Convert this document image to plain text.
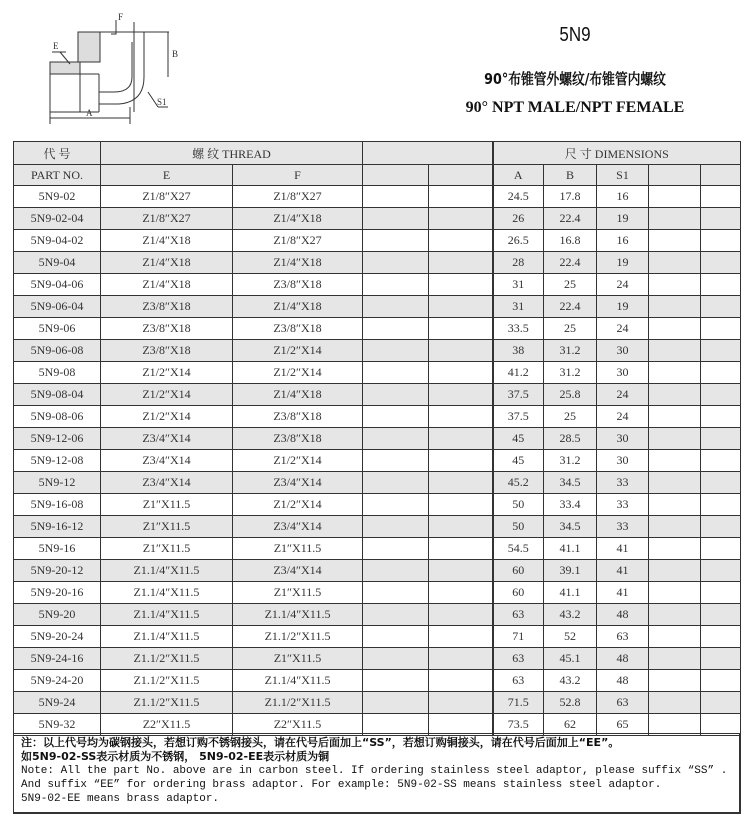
F
E
B
S1
A
5N9
90°布锥管外螺纹/布锥管内螺纹
90° NPT MALE/NPT FEMALE
代 号	螺 纹 THREAD				尺 寸 DIMENSIONS				
PART NO.	E	F			A	B	S1		
5N9-02	Z1/8″X27	Z1/8″X27			24.5	17.8	16		
5N9-02-04	Z1/8″X27	Z1/4″X18			26	22.4	19		
5N9-04-02	Z1/4″X18	Z1/8″X27			26.5	16.8	16		
5N9-04	Z1/4″X18	Z1/4″X18			28	22.4	19		
5N9-04-06	Z1/4″X18	Z3/8″X18			31	25	24		
5N9-06-04	Z3/8″X18	Z1/4″X18			31	22.4	19		
5N9-06	Z3/8″X18	Z3/8″X18			33.5	25	24		
5N9-06-08	Z3/8″X18	Z1/2″X14			38	31.2	30		
5N9-08	Z1/2″X14	Z1/2″X14			41.2	31.2	30		
5N9-08-04	Z1/2″X14	Z1/4″X18			37.5	25.8	24		
5N9-08-06	Z1/2″X14	Z3/8″X18			37.5	25	24		
5N9-12-06	Z3/4″X14	Z3/8″X18			45	28.5	30		
5N9-12-08	Z3/4″X14	Z1/2″X14			45	31.2	30		
5N9-12	Z3/4″X14	Z3/4″X14			45.2	34.5	33		
5N9-16-08	Z1″X11.5	Z1/2″X14			50	33.4	33		
5N9-16-12	Z1″X11.5	Z3/4″X14			50	34.5	33		
5N9-16	Z1″X11.5	Z1″X11.5			54.5	41.1	41		
5N9-20-12	Z1.1/4″X11.5	Z3/4″X14			60	39.1	41		
5N9-20-16	Z1.1/4″X11.5	Z1″X11.5			60	41.1	41		
5N9-20	Z1.1/4″X11.5	Z1.1/4″X11.5			63	43.2	48		
5N9-20-24	Z1.1/4″X11.5	Z1.1/2″X11.5			71	52	63		
5N9-24-16	Z1.1/2″X11.5	Z1″X11.5			63	45.1	48		
5N9-24-20	Z1.1/2″X11.5	Z1.1/4″X11.5			63	43.2	48		
5N9-24	Z1.1/2″X11.5	Z1.1/2″X11.5			71.5	52.8	63		
5N9-32	Z2″X11.5	Z2″X11.5			73.5	62	65		
注：以上代号均为碳钢接头，若想订购不锈钢接头，请在代号后面加上“SS”，若想订购铜接头，请在代号后面加上“EE”。
如5N9-02-SS表示材质为不锈钢， 5N9-02-EE表示材质为铜
Note: All the part No. above are in carbon steel. If ordering stainless steel adaptor, please suffix “SS” .
And suffix “EE” for ordering brass adaptor. For example: 5N9-02-SS means stainless steel adaptor.
5N9-02-EE means brass adaptor.
